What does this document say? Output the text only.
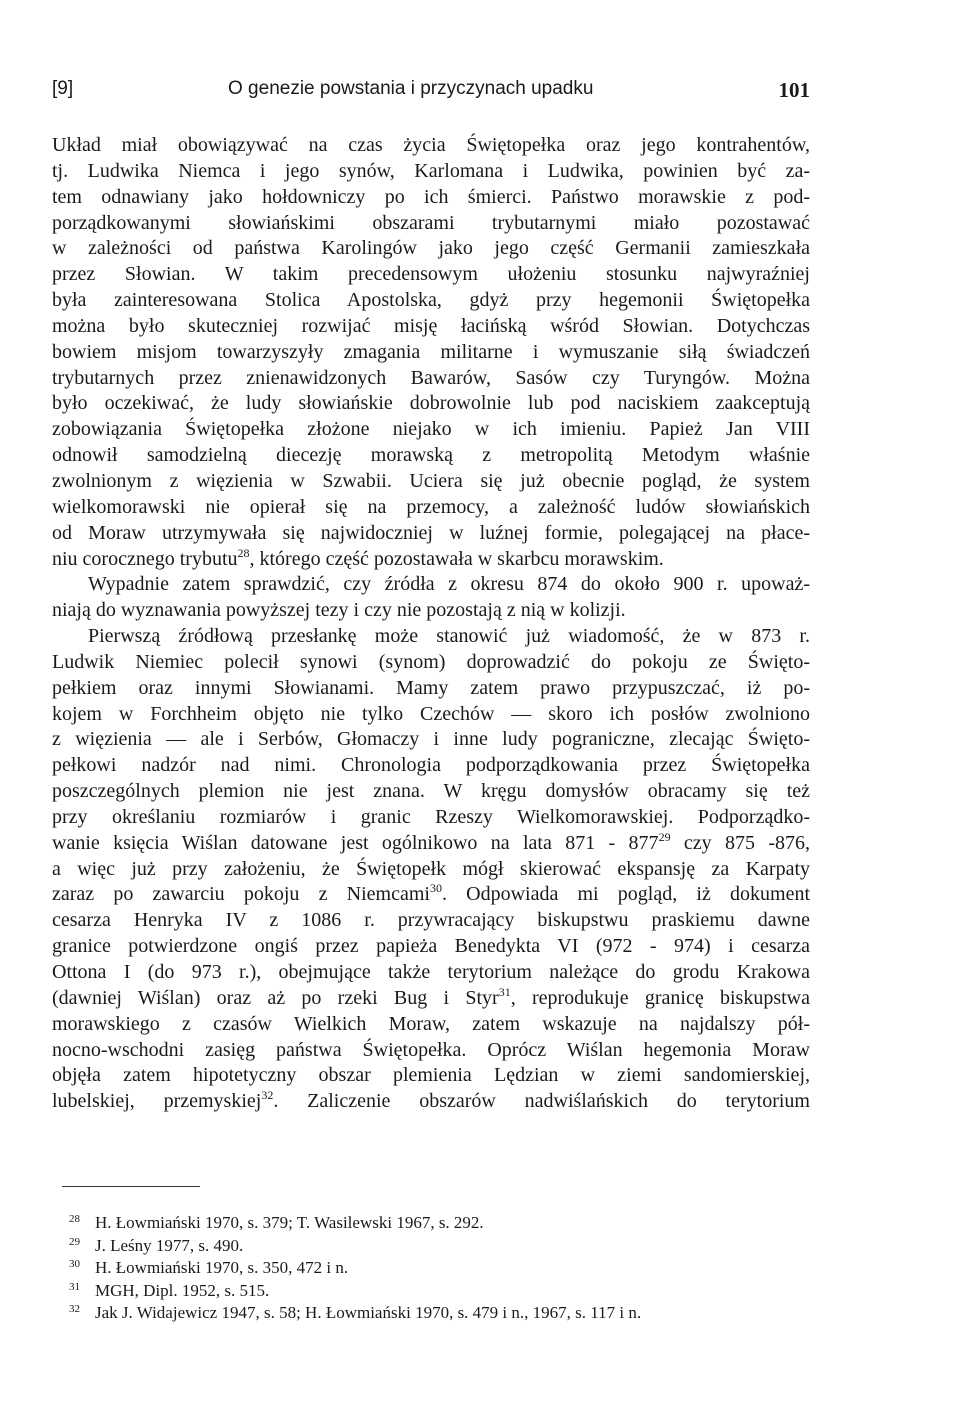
[9]	O genezie powstania i przyczynach upadku	101
Układ miał obowiązywać na czas życia Świętopełka oraz jego kontrahentów,
tj. Ludwika Niemca i jego synów, Karlomana i Ludwika, powinien być za-
tem odnawiany jako hołdowniczy po ich śmierci. Państwo morawskie z pod-
porządkowanymi słowiańskimi obszarami trybutarnymi miało pozostawać
w zależności od państwa Karolingów jako jego część Germanii zamieszkała
przez Słowian. W takim precedensowym ułożeniu stosunku najwyraźniej
była zainteresowana Stolica Apostolska, gdyż przy hegemonii Świętopełka
można było skuteczniej rozwijać misję łacińską wśród Słowian. Dotychczas
bowiem misjom towarzyszyły zmagania militarne i wymuszanie siłą świadczeń
trybutarnych przez znienawidzonych Bawarów, Sasów czy Turyngów. Można
było oczekiwać, że ludy słowiańskie dobrowolnie lub pod naciskiem zaakceptują
zobowiązania Świętopełka złożone niejako w ich imieniu. Papież Jan VIII
odnowił samodzielną diecezję morawską z metropolitą Metodym właśnie
zwolnionym z więzienia w Szwabii. Uciera się już obecnie pogląd, że system
wielkomorawski nie opierał się na przemocy, a zależność ludów słowiańskich
od Moraw utrzymywała się najwidoczniej w luźnej formie, polegającej na płace-
niu corocznego trybutu$^{28}$, którego część pozostawała w skarbcu morawskim.
Wypadnie zatem sprawdzić, czy źródła z okresu 874 do około 900 r. upoważ-
niają do wyznawania powyższej tezy i czy nie pozostają z nią w kolizji.
Pierwszą źródłową przesłankę może stanowić już wiadomość, że w 873 r.
Ludwik Niemiec polecił synowi (synom) doprowadzić do pokoju ze Święto-
pełkiem oraz innymi Słowianami. Mamy zatem prawo przypuszczać, iż po-
kojem w Forchheim objęto nie tylko Czechów — skoro ich posłów zwolniono
z więzienia — ale i Serbów, Głomaczy i inne ludy pograniczne, zlecając Święto-
pełkowi nadzór nad nimi. Chronologia podporządkowania przez Świętopełka
poszczególnych plemion nie jest znana. W kręgu domysłów obracamy się też
przy określaniu rozmiarów i granic Rzeszy Wielkomorawskiej. Podporządko-
wanie księcia Wiślan datowane jest ogólnikowo na lata $871 - 877^{29}$ czy 875 -876,
a więc już przy założeniu, że Świętopełk mógł skierować ekspansję za Karpaty
zaraz po zawarciu pokoju z Niemcami$^{30}$. Odpowiada mi pogląd, iż dokument
cesarza Henryka IV z 1086 r. przywracający biskupstwu praskiemu dawne
granice potwierdzone ongiś przez papieża Benedykta VI (972 - 974) i cesarza
Ottona I (do 973 r.), obejmujące także terytorium należące do grodu Krakowa
(dawniej Wiślan) oraz aż po rzeki Bug i Styr$^{31}$, reprodukuje granicę biskupstwa
morawskiego z czasów Wielkich Moraw, zatem wskazuje na najdalszy pół-
nocno-wschodni zasięg państwa Świętopełka. Oprócz Wiślan hegemonia Moraw
objęła zatem hipotetyczny obszar plemienia Lędzian w ziemi sandomierskiej,
lubelskiej, przemyskiej$^{32}$. Zaliczenie obszarów nadwiślańskich do terytorium
28 H. Łowmiański 1970, s. 379; T. Wasilewski 1967, s. 292.
29 J. Leśny 1977, s. 490.
30 H. Łowmiański 1970, s. 350, 472 i n.
31 MGH, Dipl. 1952, s. 515.
32 Jak J. Widajewicz 1947, s. 58; H. Łowmiański 1970, s. 479 i n., 1967, s. 117 i n.
